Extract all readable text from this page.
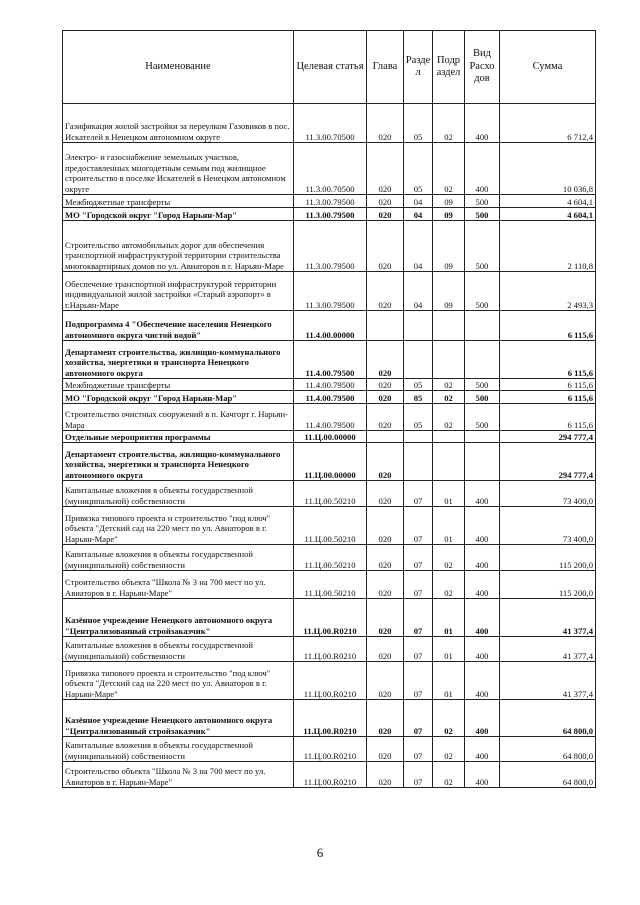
Наименование	Целевая статья	Глава	Разде л	Подр аздел	Вид Расхо дов	Сумма
Газификация жилой застройки за переулком Газовиков в пос. Искателей в Ненецком автономном округе	11.3.00.70500	020	05	02	400	6 712,4
Электро- и газоснабжение земельных участков, предоставленных многодетным семьям под жилищное строительство в поселке Искателей в Ненецком автономном округе	11.3.00.70500	020	05	02	400	10 036,8
Межбюджетные трансферты	11.3.00.79500	020	04	09	500	4 604,1
МО "Городской округ "Город Нарьян-Мар"	11.3.00.79500	020	04	09	500	4 604,1
Строительство автомобильных дорог для обеспечения транспортной инфраструктурой территории строительства многоквартирных домов по ул. Авиаторов в г. Нарьян-Маре	11.3.00.79500	020	04	09	500	2 110,8
Обеспечение транспортной инфраструктурой территории индивидуальной жилой застройки «Старый аэропорт» в г.Нарьян-Маре	11.3.00.79500	020	04	09	500	2 493,3
Подпрограмма 4 "Обеспечение населения Ненецкого автономного округа чистой водой"	11.4.00.00000					6 115,6
Департамент строительства, жилищно-коммунального хозяйства, энергетики и транспорта Ненецкого автономного округа	11.4.00.79500	020				6 115,6
Межбюджетные трансферты	11.4.00.79500	020	05	02	500	6 115,6
МО "Городской округ "Город Нарьян-Мар"	11.4.00.79500	020	05	02	500	6 115,6
Строительство очистных сооружений в п. Качгорт г. Нарьян-Мара	11.4.00.79500	020	05	02	500	6 115,6
Отдельные мероприятия программы	11.Ц.00.00000					294 777,4
Департамент строительства, жилищно-коммунального хозяйства, энергетики и транспорта Ненецкого автономного округа	11.Ц.00.00000	020				294 777,4
Капитальные вложения в объекты государственной (муниципальной) собственности	11.Ц.00.50210	020	07	01	400	73 400,0
Привязка типового проекта и строительство "под ключ" объекта "Детский сад на 220 мест по ул. Авиаторов в г. Нарьян-Маре"	11.Ц.00.50210	020	07	01	400	73 400,0
Капитальные вложения в объекты государственной (муниципальной) собственности	11.Ц.00.50210	020	07	02	400	115 200,0
Строительство объекта "Школа № 3 на 700 мест по ул. Авиаторов в г. Нарьян-Маре"	11.Ц.00.50210	020	07	02	400	115 200,0
Казённое учреждение Ненецкого автономного округа "Централизованный стройзаказчик"	11.Ц.00.R0210	020	07	01	400	41 377,4
Капитальные вложения в объекты государственной (муниципальной) собственности	11.Ц.00.R0210	020	07	01	400	41 377,4
Привязка типового проекта и строительство "под ключ" объекта "Детский сад на 220 мест по ул. Авиаторов в г. Нарьян-Маре"	11.Ц.00.R0210	020	07	01	400	41 377,4
Казённое учреждение Ненецкого автономного округа "Централизованный стройзаказчик"	11.Ц.00.R0210	020	07	02	400	64 800,0
Капитальные вложения в объекты государственной (муниципальной) собственности	11.Ц.00.R0210	020	07	02	400	64 800,0
Строительство объекта "Школа № 3 на 700 мест по ул. Авиаторов в г. Нарьян-Маре"	11.Ц.00.R0210	020	07	02	400	64 800,0
6
